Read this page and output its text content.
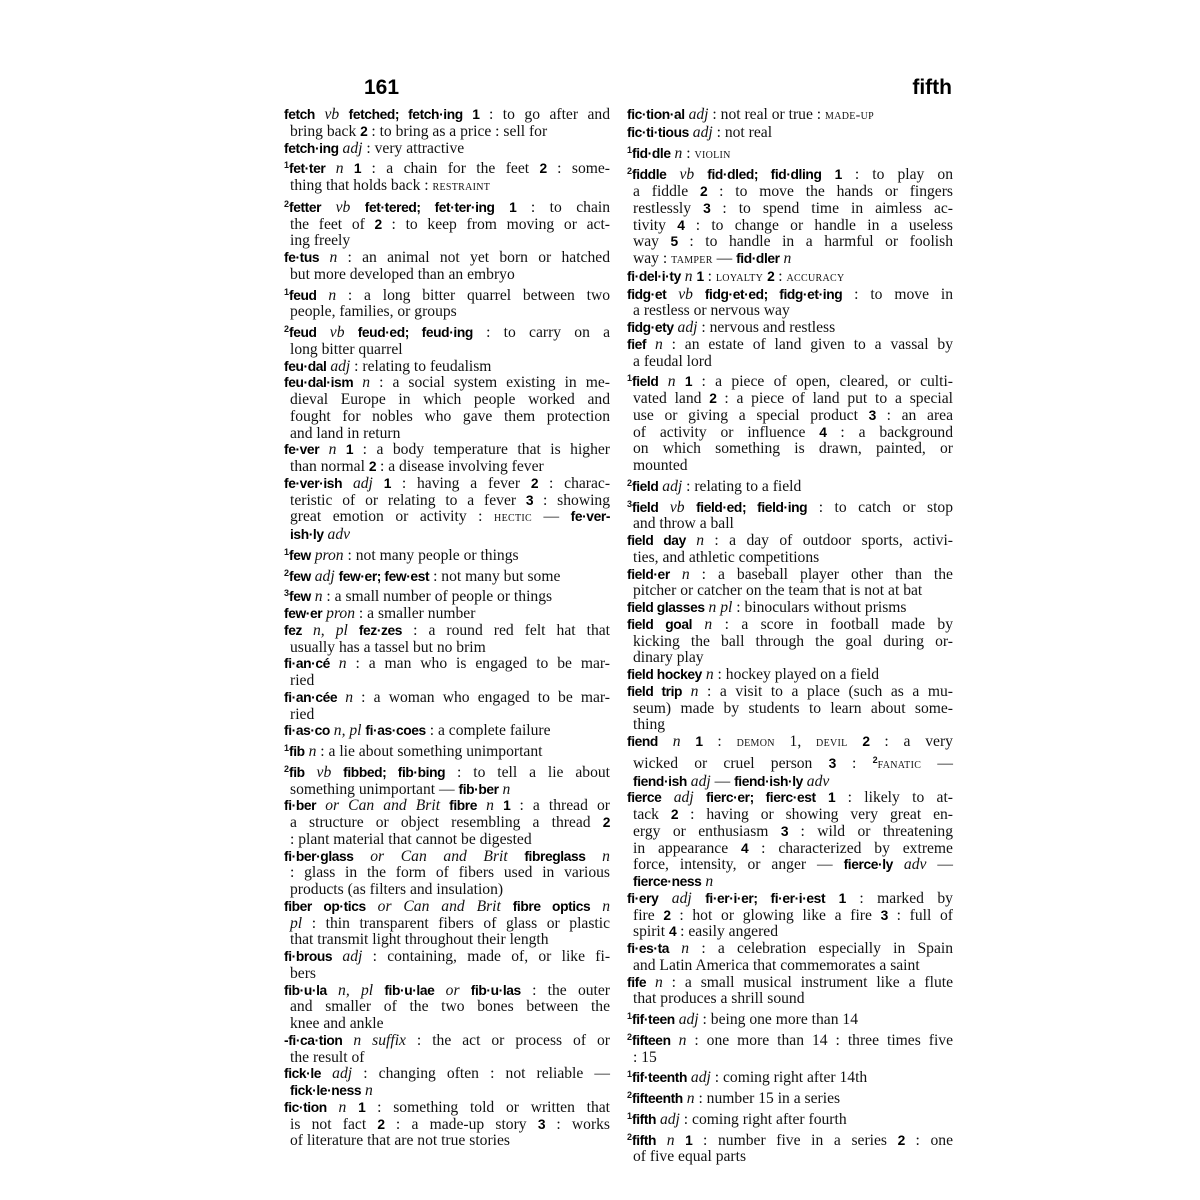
161	fifth
fetch vb fetched; fetch·ing 1 : to go after and
bring back 2 : to bring as a price : sell for
fetch·ing adj : very attractive
$^1$fet·ter n 1 : a chain for the feet 2 : some-
thing that holds back : restraint
$^2$fetter vb fet·tered; fet·ter·ing 1 : to chain
the feet of 2 : to keep from moving or act-
ing freely
fe·tus n : an animal not yet born or hatched
but more developed than an embryo
$^1$feud n : a long bitter quarrel between two
people, families, or groups
$^2$feud vb feud·ed; feud·ing : to carry on a
long bitter quarrel
feu·dal adj : relating to feudalism
feu·dal·ism n : a social system existing in me-
dieval Europe in which people worked and
fought for nobles who gave them protection
and land in return
fe·ver n 1 : a body temperature that is higher
than normal 2 : a disease involving fever
fe·ver·ish adj 1 : having a fever 2 : charac-
teristic of or relating to a fever 3 : showing
great emotion or activity : hectic — fe·ver-
ish·ly adv
$^1$few pron : not many people or things
$^2$few adj few·er; few·est : not many but some
$^3$few n : a small number of people or things
few·er pron : a smaller number
fez n, pl fez·zes : a round red felt hat that
usually has a tassel but no brim
fi·an·cé n : a man who is engaged to be mar-
ried
fi·an·cée n : a woman who engaged to be mar-
ried
fi·as·co n, pl fi·as·coes : a complete failure
$^1$fib n : a lie about something unimportant
$^2$fib vb fibbed; fib·bing : to tell a lie about
something unimportant — fib·ber n
fi·ber or Can and Brit fibre n 1 : a thread or
a structure or object resembling a thread 2
: plant material that cannot be digested
fi·ber·glass or Can and Brit fibreglass n
: glass in the form of fibers used in various
products (as filters and insulation)
fiber op·tics or Can and Brit fibre optics n
pl : thin transparent fibers of glass or plastic
that transmit light throughout their length
fi·brous adj : containing, made of, or like fi-
bers
fib·u·la n, pl fib·u·lae or fib·u·las : the outer
and smaller of the two bones between the
knee and ankle
-fi·ca·tion n suffix : the act or process of or
the result of
fick·le adj : changing often : not reliable —
fick·le·ness n
fic·tion n 1 : something told or written that
is not fact 2 : a made-up story 3 : works
of literature that are not true stories
fic·tion·al adj : not real or true : made-up
fic·ti·tious adj : not real
$^1$fid·dle n : violin
$^2$fiddle vb fid·dled; fid·dling 1 : to play on
a fiddle 2 : to move the hands or fingers
restlessly 3 : to spend time in aimless ac-
tivity 4 : to change or handle in a useless
way 5 : to handle in a harmful or foolish
way : tamper — fid·dler n
fi·del·i·ty n 1 : loyalty 2 : accuracy
fidg·et vb fidg·et·ed; fidg·et·ing : to move in
a restless or nervous way
fidg·ety adj : nervous and restless
fief n : an estate of land given to a vassal by
a feudal lord
$^1$field n 1 : a piece of open, cleared, or culti-
vated land 2 : a piece of land put to a special
use or giving a special product 3 : an area
of activity or influence 4 : a background
on which something is drawn, painted, or
mounted
$^2$field adj : relating to a field
$^3$field vb field·ed; field·ing : to catch or stop
and throw a ball
field day n : a day of outdoor sports, activi-
ties, and athletic competitions
field·er n : a baseball player other than the
pitcher or catcher on the team that is not at bat
field glasses n pl : binoculars without prisms
field goal n : a score in football made by
kicking the ball through the goal during or-
dinary play
field hockey n : hockey played on a field
field trip n : a visit to a place (such as a mu-
seum) made by students to learn about some-
thing
fiend n 1 : demon 1, devil 2 : a very
wicked or cruel person 3 : $^2$fanatic —
fiend·ish adj — fiend·ish·ly adv
fierce adj fierc·er; fierc·est 1 : likely to at-
tack 2 : having or showing very great en-
ergy or enthusiasm 3 : wild or threatening
in appearance 4 : characterized by extreme
force, intensity, or anger — fierce·ly adv —
fierce·ness n
fi·ery adj fi·er·i·er; fi·er·i·est 1 : marked by
fire 2 : hot or glowing like a fire 3 : full of
spirit 4 : easily angered
fi·es·ta n : a celebration especially in Spain
and Latin America that commemorates a saint
fife n : a small musical instrument like a flute
that produces a shrill sound
$^1$fif·teen adj : being one more than 14
$^2$fifteen n : one more than 14 : three times five
: 15
$^1$fif·teenth adj : coming right after 14th
$^2$fifteenth n : number 15 in a series
$^1$fifth adj : coming right after fourth
$^2$fifth n 1 : number five in a series 2 : one
of five equal parts
